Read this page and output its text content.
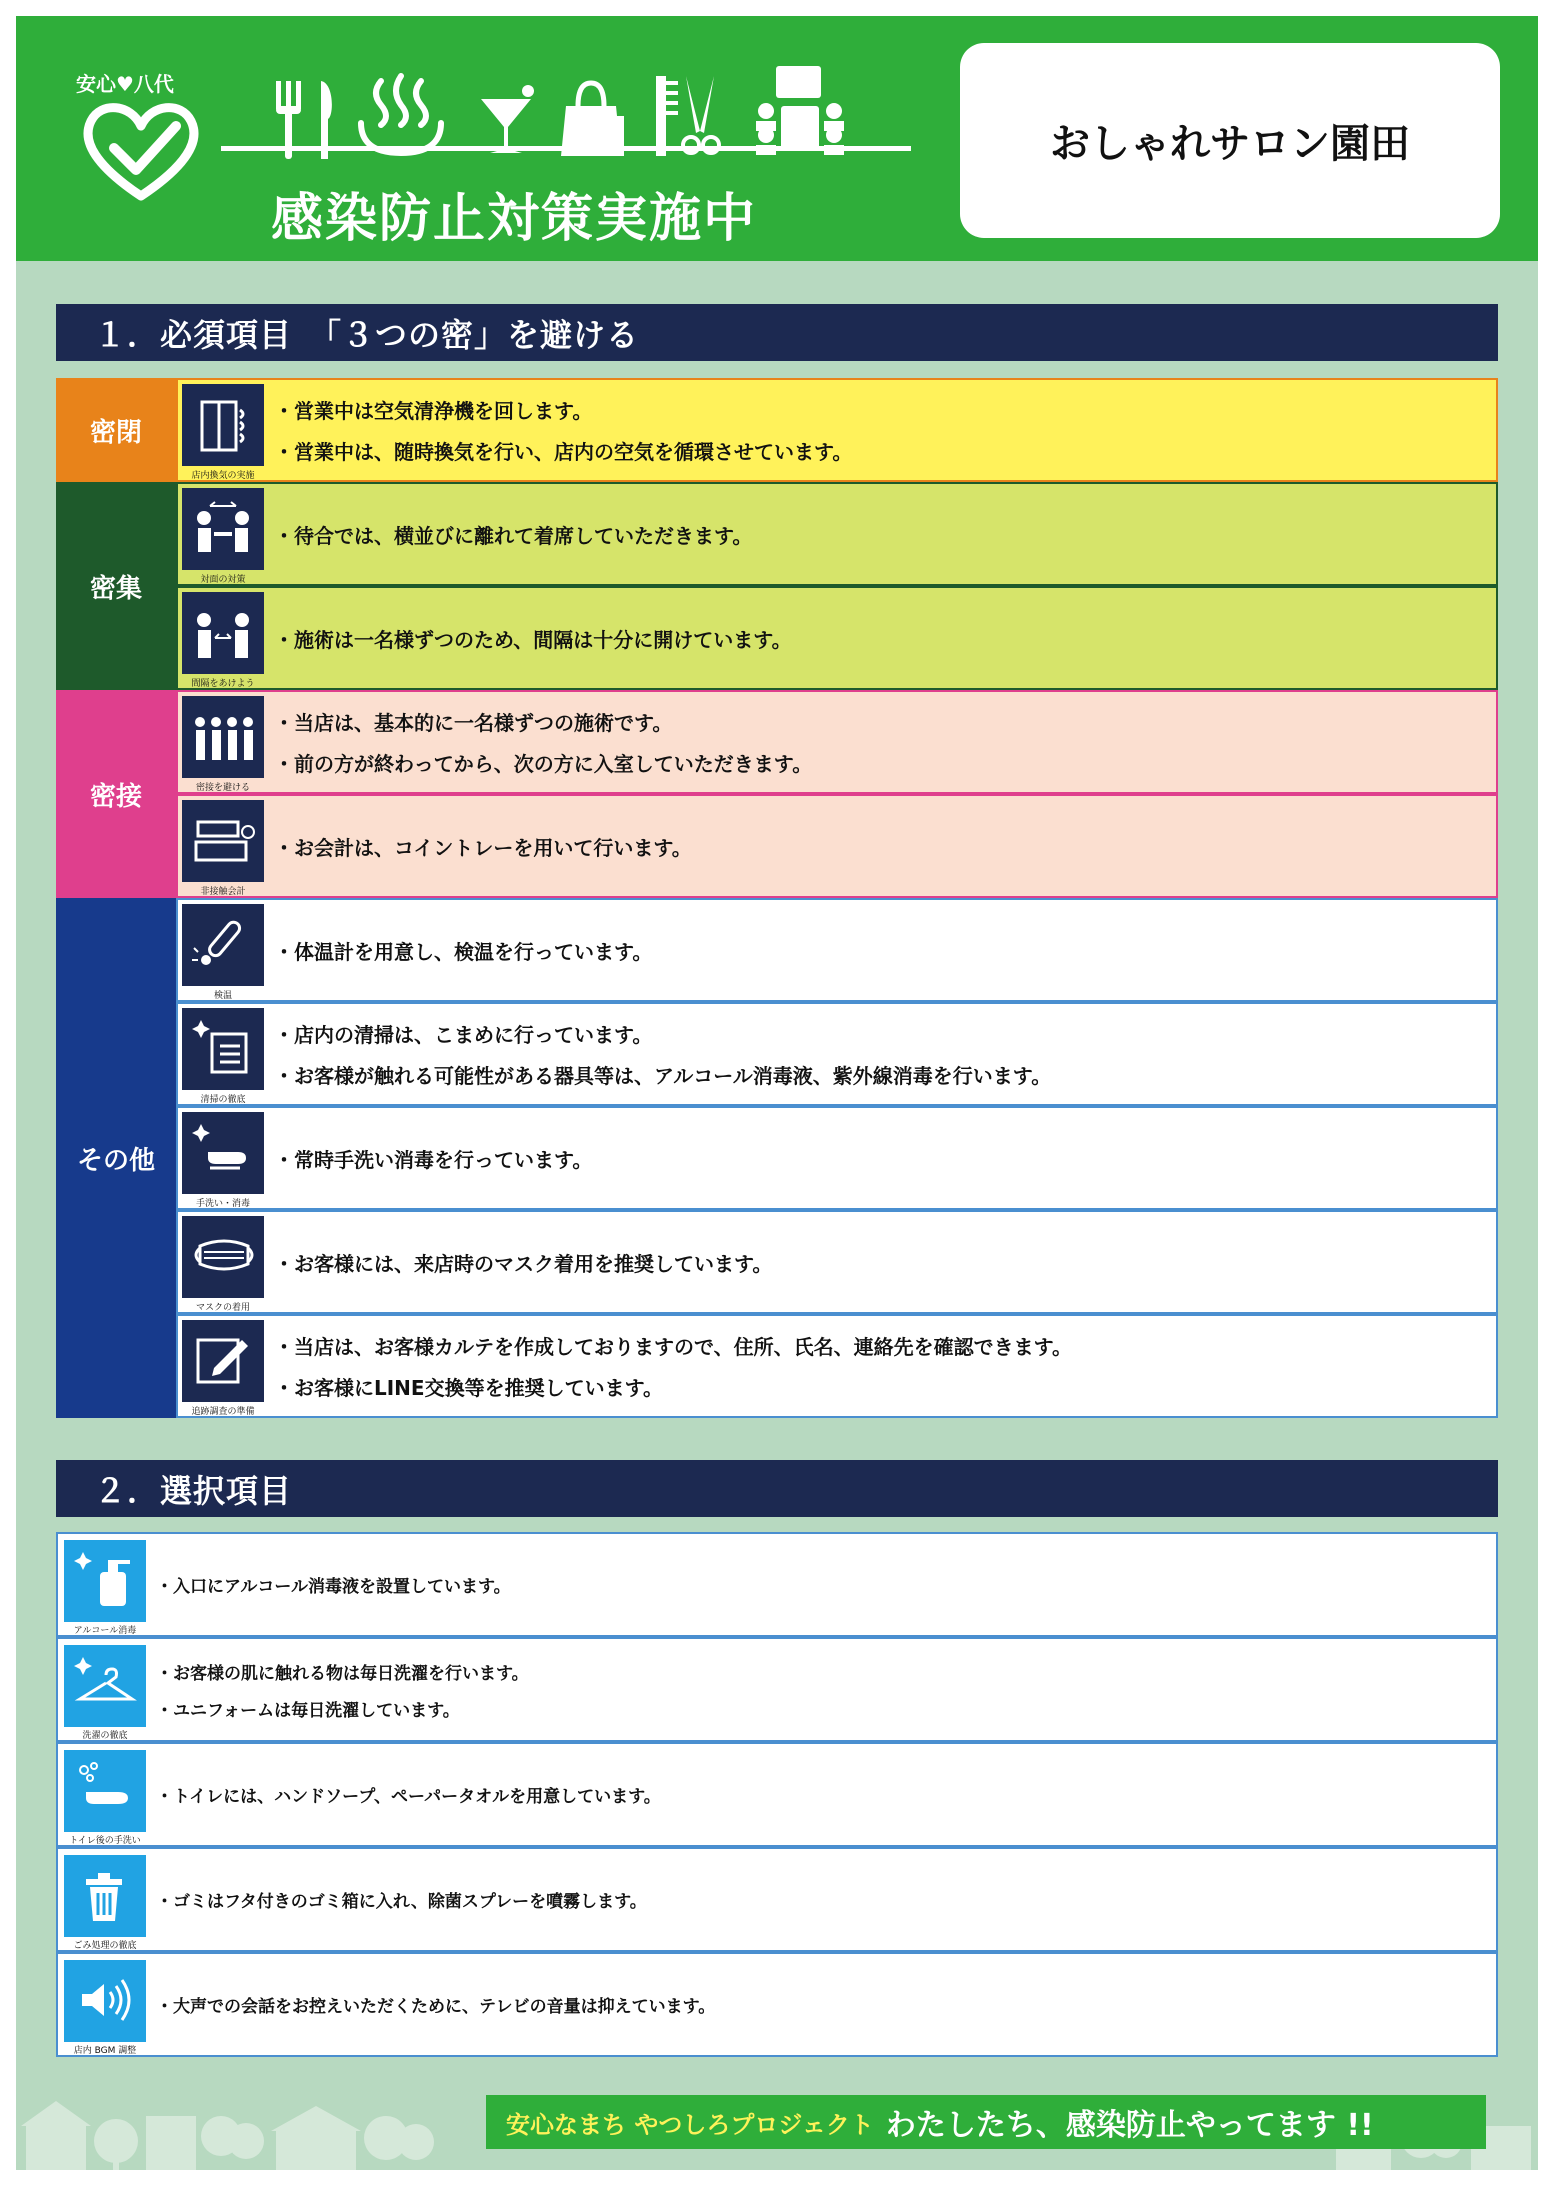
安心♥八代
感染防止対策実施中
おしゃれサロン園田
１．必須項目　「３つの密」を避ける
店内換気の実施
・営業中は空気清浄機を回します。
・営業中は、随時換気を行い、店内の空気を循環させています。
密閉
対面の対策
・待合では、横並びに離れて着席していただきます。
間隔をあけよう
・施術は一名様ずつのため、間隔は十分に開けています。
密集
密接を避ける
・当店は、基本的に一名様ずつの施術です。
・前の方が終わってから、次の方に入室していただきます。
非接触会計
・お会計は、コイントレーを用いて行います。
密接
検温
・体温計を用意し、検温を行っています。
清掃の徹底
・店内の清掃は、こまめに行っています。
・お客様が触れる可能性がある器具等は、アルコール消毒液、紫外線消毒を行います。
手洗い・消毒
・常時手洗い消毒を行っています。
マスクの着用
・お客様には、来店時のマスク着用を推奨しています。
追跡調査の準備
・当店は、お客様カルテを作成しておりますので、住所、氏名、連絡先を確認できます。
・お客様にLINE交換等を推奨しています。
その他
２．選択項目
アルコール消毒
・入口にアルコール消毒液を設置しています。
洗濯の徹底
・お客様の肌に触れる物は毎日洗濯を行います。
・ユニフォームは毎日洗濯しています。
トイレ後の手洗い
・トイレには、ハンドソープ、ペーパータオルを用意しています。
ごみ処理の徹底
・ゴミはフタ付きのゴミ箱に入れ、除菌スプレーを噴霧します。
店内 BGM 調整
・大声での会話をお控えいただくために、テレビの音量は抑えています。
安心なまち やつしろプロジェクト わたしたち、感染防止やってます !!
